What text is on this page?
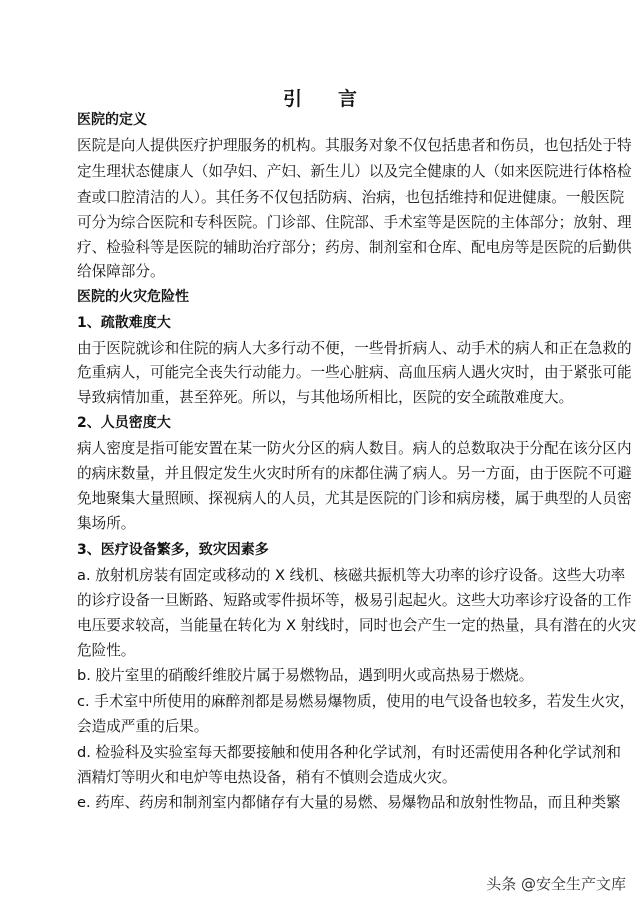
引言
医院的定义
医院是向人提供医疗护理服务的机构。其服务对象不仅包括患者和伤员，也包括处于特
定生理状态健康人（如孕妇、产妇、新生儿）以及完全健康的人（如来医院进行体格检
查或口腔清洁的人）。其任务不仅包括防病、治病，也包括维持和促进健康。一般医院
可分为综合医院和专科医院。门诊部、住院部、手术室等是医院的主体部分；放射、理
疗、检验科等是医院的辅助治疗部分；药房、制剂室和仓库、配电房等是医院的后勤供
给保障部分。
医院的火灾危险性
1、疏散难度大
由于医院就诊和住院的病人大多行动不便，一些骨折病人、动手术的病人和正在急救的
危重病人，可能完全丧失行动能力。一些心脏病、高血压病人遇火灾时，由于紧张可能
导致病情加重，甚至猝死。所以，与其他场所相比，医院的安全疏散难度大。
2、人员密度大
病人密度是指可能安置在某一防火分区的病人数目。病人的总数取决于分配在该分区内
的病床数量，并且假定发生火灾时所有的床都住满了病人。另一方面，由于医院不可避
免地聚集大量照顾、探视病人的人员，尤其是医院的门诊和病房楼，属于典型的人员密
集场所。
3、医疗设备繁多，致灾因素多
a. 放射机房装有固定或移动的 X 线机、核磁共振机等大功率的诊疗设备。这些大功率
的诊疗设备一旦断路、短路或零件损坏等，极易引起起火。这些大功率诊疗设备的工作
电压要求较高，当能量在转化为 X 射线时，同时也会产生一定的热量，具有潜在的火灾
危险性。
b. 胶片室里的硝酸纤维胶片属于易燃物品，遇到明火或高热易于燃烧。
c. 手术室中所使用的麻醉剂都是易燃易爆物质，使用的电气设备也较多，若发生火灾，
会造成严重的后果。
d. 检验科及实验室每天都要接触和使用各种化学试剂，有时还需使用各种化学试剂和
酒精灯等明火和电炉等电热设备，稍有不慎则会造成火灾。
e. 药库、药房和制剂室内都储存有大量的易燃、易爆物品和放射性物品，而且种类繁
头条 @安全生产文库
